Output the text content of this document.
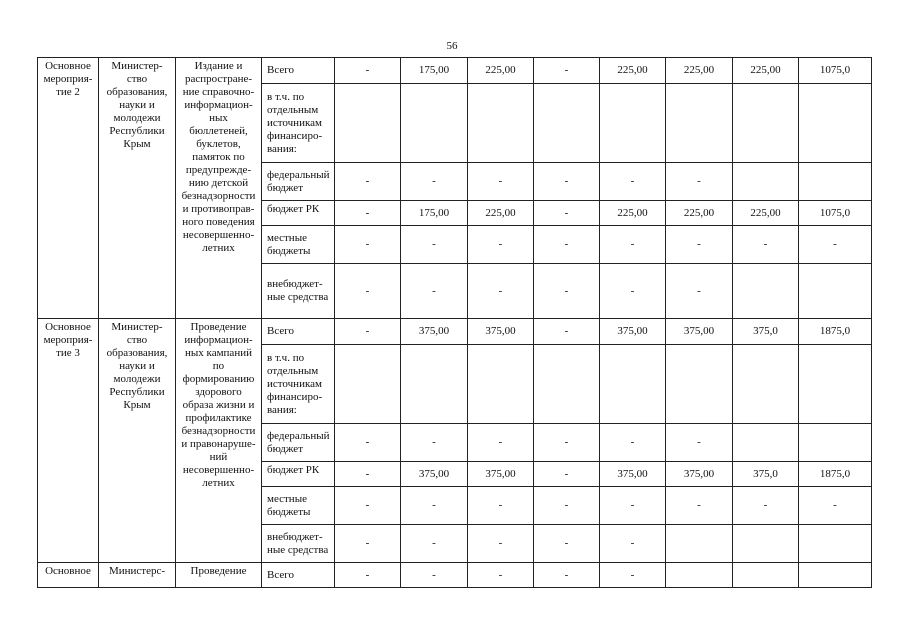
56
Основное мероприя-тие 2	Министер-ство образования, науки и молодежи Республики Крым	Издание и распростране-ние справочно-информацион-ных бюллетеней, буклетов, памяток по предупрежде-нию детской безнадзорности и противоправ-ного поведения несовершенно-летних	Всего	-	175,00	225,00	-	225,00	225,00	225,00	1075,0
			в т.ч. по отдельным источникам финансиро-вания:								
			федеральный бюджет	-	-	-	-	-	-		
			бюджет РК	-	175,00	225,00	-	225,00	225,00	225,00	1075,0
			местные бюджеты	-	-	-	-	-	-	-	-
			внебюджет-ные средства	-	-	-	-	-	-		
Основное мероприя-тие 3	Министер-ство образования, науки и молодежи Республики Крым	Проведение информацион-ных кампаний по формированию здорового образа жизни и профилактике безнадзорности и правонаруше-ний несовершенно-летних	Всего	-	375,00	375,00	-	375,00	375,00	375,0	1875,0
			в т.ч. по отдельным источникам финансиро-вания:								
			федеральный бюджет	-	-	-	-	-	-		
			бюджет РК	-	375,00	375,00	-	375,00	375,00	375,0	1875,0
			местные бюджеты	-	-	-	-	-	-	-	-
			внебюджет-ные средства	-	-	-	-	-			
Основное	Министерс-	Проведение	Всего	-	-	-	-	-			
